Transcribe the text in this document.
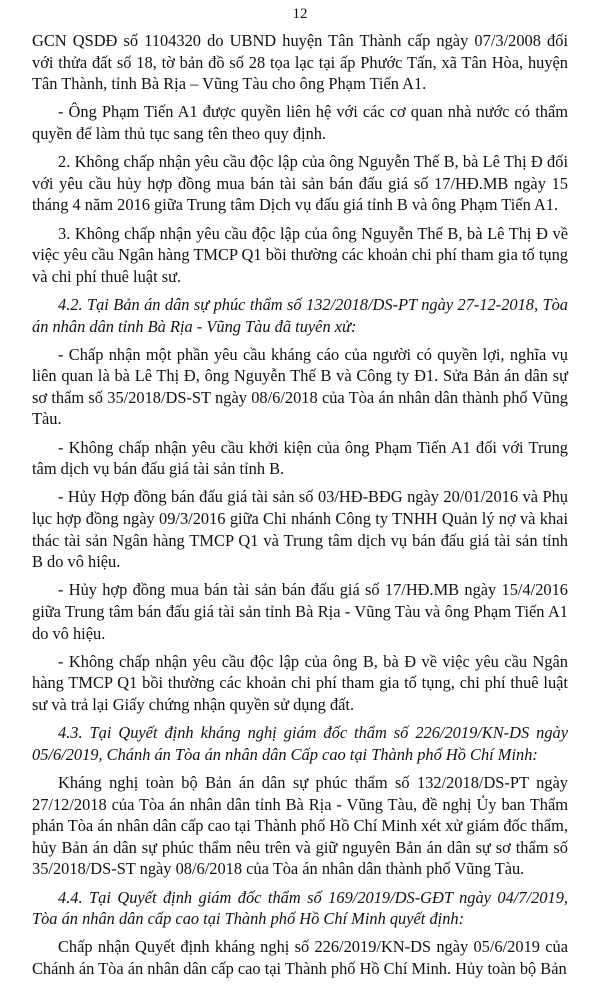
12

GCN QSDĐ số 1104320 do UBND huyện Tân Thành cấp ngày 07/3/2008 đối với thửa đất số 18, tờ bản đồ số 28 tọa lạc tại ấp Phước Tấn, xã Tân Hòa, huyện Tân Thành, tỉnh Bà Rịa – Vũng Tàu cho ông Phạm Tiến A1.

- Ông Phạm Tiến A1 được quyền liên hệ với các cơ quan nhà nước có thẩm quyền để làm thủ tục sang tên theo quy định.

2. Không chấp nhận yêu cầu độc lập của ông Nguyễn Thế B, bà Lê Thị Đ đối với yêu cầu hủy hợp đồng mua bán tài sản bán đấu giá số 17/HĐ.MB ngày 15 tháng 4 năm 2016 giữa Trung tâm Dịch vụ đấu giá tỉnh B và ông Phạm Tiến A1.

3. Không chấp nhận yêu cầu độc lập của ông Nguyễn Thế B, bà Lê Thị Đ về việc yêu cầu Ngân hàng TMCP Q1 bồi thường các khoản chi phí tham gia tố tụng và chi phí thuê luật sư.

4.2. Tại Bản án dân sự phúc thẩm số 132/2018/DS-PT ngày 27-12-2018, Tòa án nhân dân tỉnh Bà Rịa - Vũng Tàu đã tuyên xử:

- Chấp nhận một phần yêu cầu kháng cáo của người có quyền lợi, nghĩa vụ liên quan là bà Lê Thị Đ, ông Nguyễn Thế B và Công ty Đ1. Sửa Bản án dân sự sơ thẩm số 35/2018/DS-ST ngày 08/6/2018 của Tòa án nhân dân thành phố Vũng Tàu.

- Không chấp nhận yêu cầu khởi kiện của ông Phạm Tiến A1 đối với Trung tâm dịch vụ bán đấu giá tài sản tỉnh B.

- Hủy Hợp đồng bán đấu giá tài sản số 03/HĐ-BĐG ngày 20/01/2016 và Phụ lục hợp đồng ngày 09/3/2016 giữa Chi nhánh Công ty TNHH Quản lý nợ và khai thác tài sản Ngân hàng TMCP Q1 và Trung tâm dịch vụ bán đấu giá tài sản tỉnh B do vô hiệu.

- Hủy hợp đồng mua bán tài sản bán đấu giá số 17/HĐ.MB ngày 15/4/2016 giữa Trung tâm bán đấu giá tài sản tỉnh Bà Rịa - Vũng Tàu và ông Phạm Tiến A1 do vô hiệu.

- Không chấp nhận yêu cầu độc lập của ông B, bà Đ về việc yêu cầu Ngân hàng TMCP Q1 bồi thường các khoản chi phí tham gia tố tụng, chi phí thuê luật sư và trả lại Giấy chứng nhận quyền sử dụng đất.

4.3. Tại Quyết định kháng nghị giám đốc thẩm số 226/2019/KN-DS ngày 05/6/2019, Chánh án Tòa án nhân dân Cấp cao tại Thành phố Hồ Chí Minh:

Kháng nghị toàn bộ Bản án dân sự phúc thẩm số 132/2018/DS-PT ngày 27/12/2018 của Tòa án nhân dân tỉnh Bà Rịa - Vũng Tàu, đề nghị Ủy ban Thẩm phán Tòa án nhân dân cấp cao tại Thành phố Hồ Chí Minh xét xử giám đốc thẩm, hủy Bản án dân sự phúc thẩm nêu trên và giữ nguyên Bản án dân sự sơ thẩm số 35/2018/DS-ST ngày 08/6/2018 của Tòa án nhân dân thành phố Vũng Tàu.

4.4. Tại Quyết định giám đốc thẩm số 169/2019/DS-GĐT ngày 04/7/2019, Tòa án nhân dân cấp cao tại Thành phố Hồ Chí Minh quyết định:

Chấp nhận Quyết định kháng nghị số 226/2019/KN-DS ngày 05/6/2019 của Chánh án Tòa án nhân dân cấp cao tại Thành phố Hồ Chí Minh. Hủy toàn bộ Bản
